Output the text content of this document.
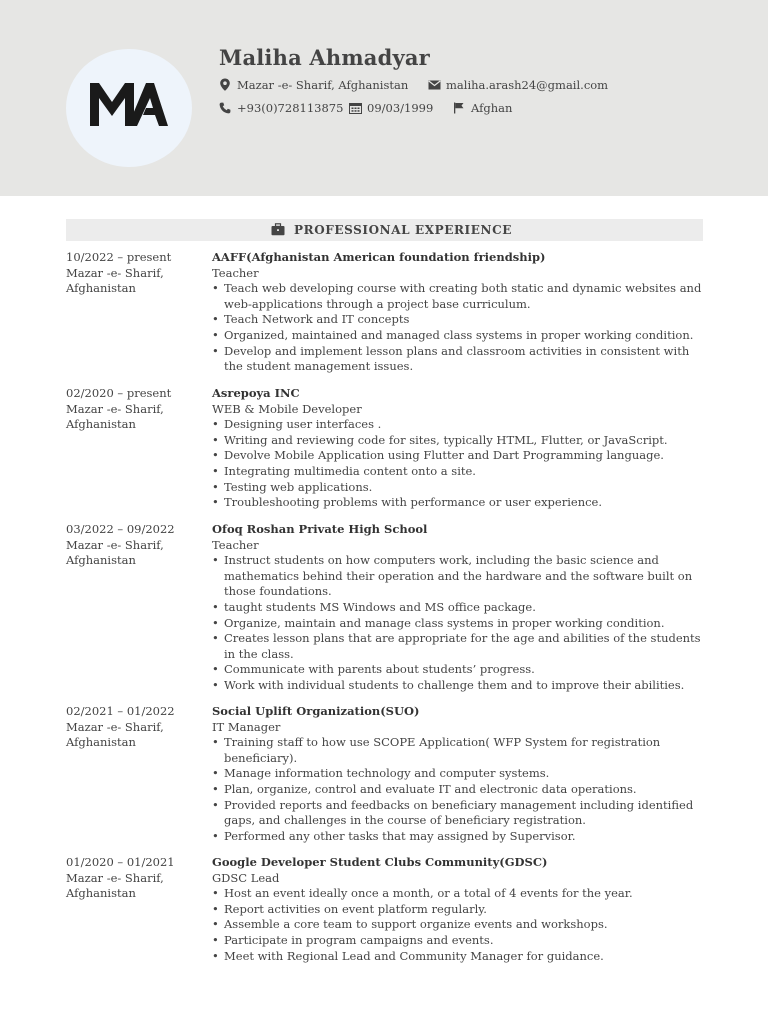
Maliha Ahmadyar
Mazar -e- Sharif, Afghanistan	maliha.arash24@gmail.com
+93(0)728113875 09/03/1999	Afghan
PROFESSIONAL EXPERIENCE
10/2022 – present
Mazar -e- Sharif, Afghanistan
AAFF(Afghanistan American foundation friendship)
Teacher
• Teach web developing course with creating both static and dynamic websites and web-applications through a project base curriculum.
• Teach Network and IT concepts
• Organized, maintained and managed class systems in proper working condition.
• Develop and implement lesson plans and classroom activities in consistent with the student management issues.
02/2020 – present
Mazar -e- Sharif, Afghanistan
Asrepoya INC
WEB & Mobile Developer
• Designing user interfaces .
• Writing and reviewing code for sites, typically HTML, Flutter, or JavaScript.
• Devolve Mobile Application using Flutter and Dart Programming language.
• Integrating multimedia content onto a site.
• Testing web applications.
• Troubleshooting problems with performance or user experience.
03/2022 – 09/2022
Mazar -e- Sharif, Afghanistan
Ofoq Roshan Private High School
Teacher
• Instruct students on how computers work, including the basic science and mathematics behind their operation and the hardware and the software built on those foundations.
• taught students MS Windows and MS office package.
• Organize, maintain and manage class systems in proper working condition.
• Creates lesson plans that are appropriate for the age and abilities of the students in the class.
• Communicate with parents about students’ progress.
• Work with individual students to challenge them and to improve their abilities.
02/2021 – 01/2022
Mazar -e- Sharif, Afghanistan
Social Uplift Organization(SUO)
IT Manager
• Training staff to how use SCOPE Application( WFP System for registration beneficiary).
• Manage information technology and computer systems.
• Plan, organize, control and evaluate IT and electronic data operations.
• Provided reports and feedbacks on beneficiary management including identified gaps, and challenges in the course of beneficiary registration.
• Performed any other tasks that may assigned by Supervisor.
01/2020 – 01/2021
Mazar -e- Sharif, Afghanistan
Google Developer Student Clubs Community(GDSC)
GDSC Lead
• Host an event ideally once a month, or a total of 4 events for the year.
• Report activities on event platform regularly.
• Assemble a core team to support organize events and workshops.
• Participate in program campaigns and events.
• Meet with Regional Lead and Community Manager for guidance.
